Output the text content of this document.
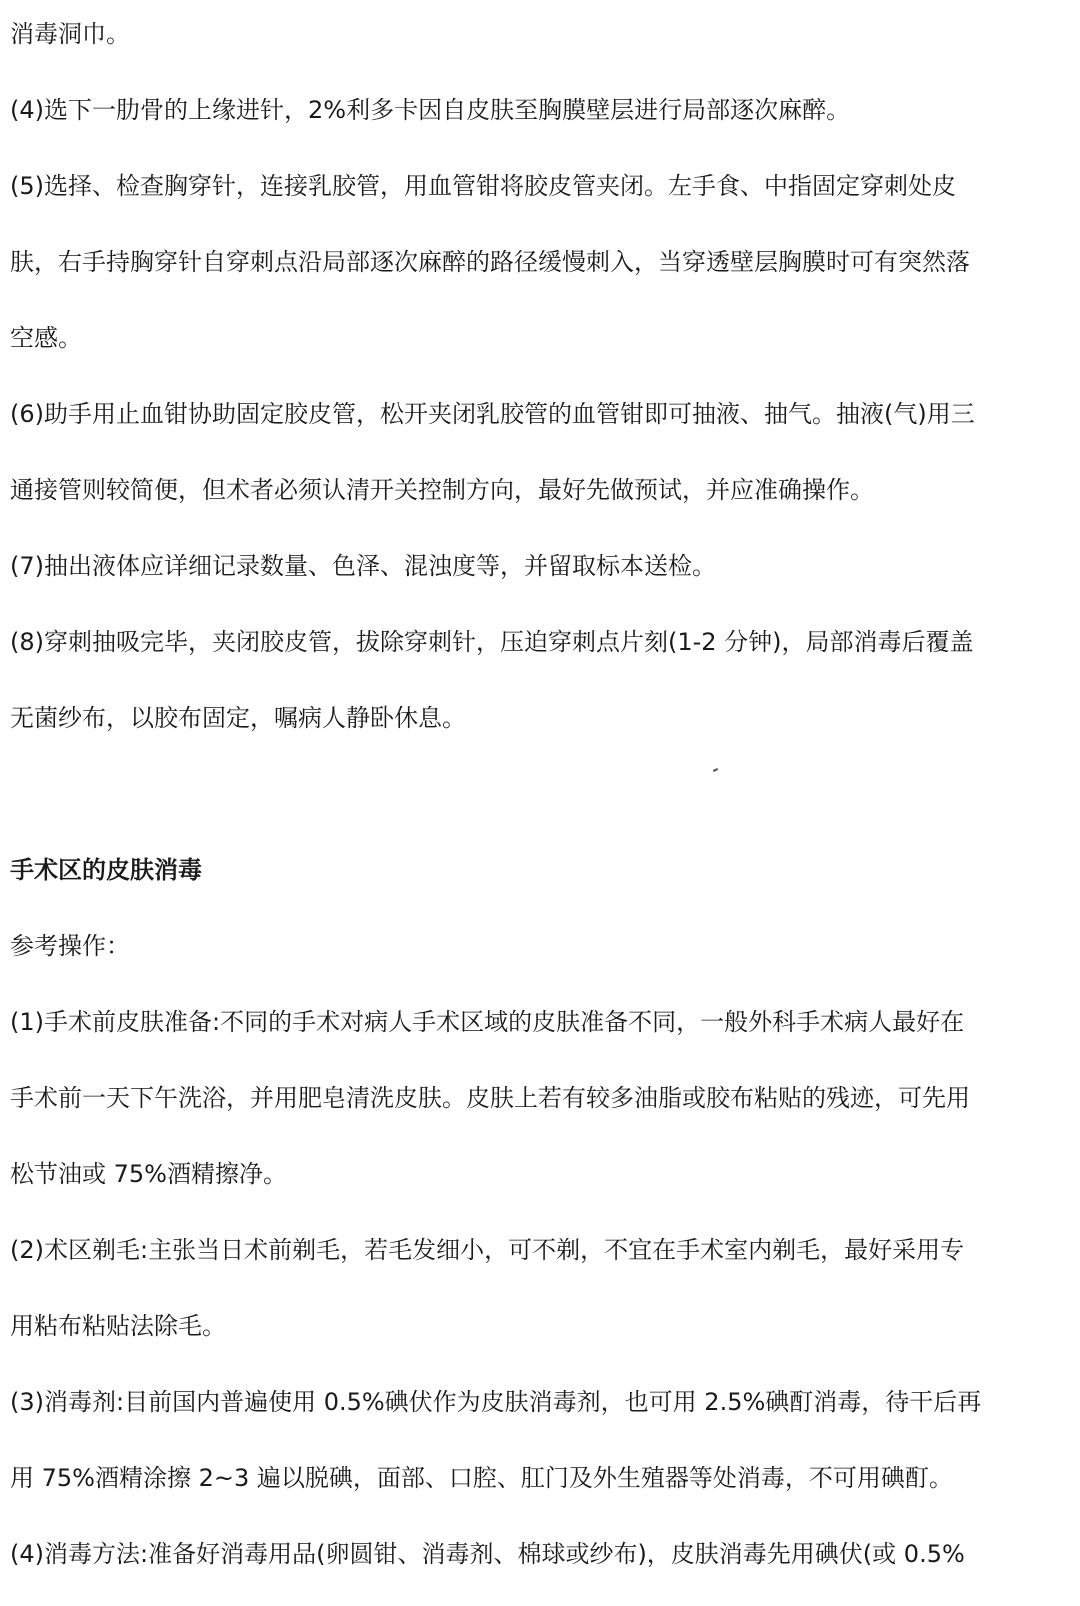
消毒洞巾。
(4)选下一肋骨的上缘进针，2%利多卡因自皮肤至胸膜壁层进行局部逐次麻醉。
(5)选择、检查胸穿针，连接乳胶管，用血管钳将胶皮管夹闭。左手食、中指固定穿刺处皮
肤，右手持胸穿针自穿刺点沿局部逐次麻醉的路径缓慢刺入，当穿透壁层胸膜时可有突然落
空感。
(6)助手用止血钳协助固定胶皮管，松开夹闭乳胶管的血管钳即可抽液、抽气。抽液(气)用三
通接管则较简便，但术者必须认清开关控制方向，最好先做预试，并应准确操作。
(7)抽出液体应详细记录数量、色泽、混浊度等，并留取标本送检。
(8)穿刺抽吸完毕，夹闭胶皮管，拔除穿刺针，压迫穿刺点片刻(1-2 分钟)，局部消毒后覆盖
无菌纱布，以胶布固定，嘱病人静卧休息。
手术区的皮肤消毒
参考操作：
(1)手术前皮肤准备:不同的手术对病人手术区域的皮肤准备不同，一般外科手术病人最好在
手术前一天下午洗浴，并用肥皂清洗皮肤。皮肤上若有较多油脂或胶布粘贴的残迹，可先用
松节油或 75%酒精擦净。
(2)术区剃毛:主张当日术前剃毛，若毛发细小，可不剃，不宜在手术室内剃毛，最好采用专
用粘布粘贴法除毛。
(3)消毒剂:目前国内普遍使用 0.5%碘伏作为皮肤消毒剂，也可用 2.5%碘酊消毒，待干后再
用 75%酒精涂擦 2~3 遍以脱碘，面部、口腔、肛门及外生殖器等处消毒，不可用碘酊。
(4)消毒方法:准备好消毒用品(卵圆钳、消毒剂、棉球或纱布)，皮肤消毒先用碘伏(或 0.5%
